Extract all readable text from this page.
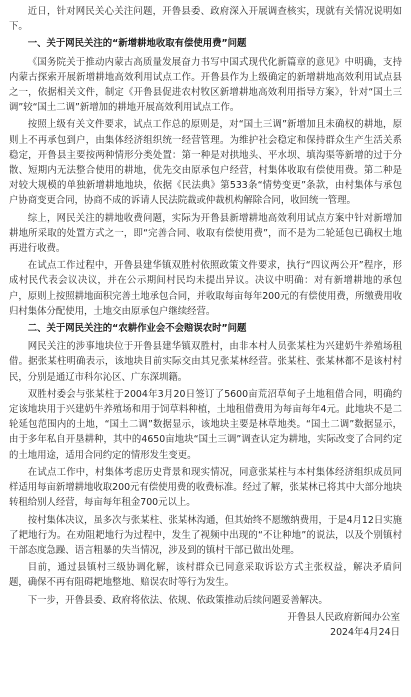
近日，针对网民关心关注问题，开鲁县委、政府深入开展调查核实，现就有关情况说明如下。

一、关于网民关注的“新增耕地收取有偿使用费”问题

《国务院关于推动内蒙古高质量发展奋力书写中国式现代化新篇章的意见》中明确，支持内蒙古探索开展新增耕地高效利用试点工作。开鲁县作为上级确定的新增耕地高效利用试点县之一，依据相关文件，制定《开鲁县促进农村牧区新增耕地高效利用指导方案》，针对“国土三调”较“国土二调”新增加的耕地开展高效利用试点工作。

按照上级有关文件要求，试点工作总的原则是，对“国土三调”新增加且未确权的耕地，原则上不再承包到户，由集体经济组织统一经营管理。为维护社会稳定和保持群众生产生活关系稳定，开鲁县主要按两种情形分类处置：第一种是对拱地头、平水坝、填沟渠等新增的过于分散、短期内无法整合使用的耕地，优先交由原承包户经营，村集体收取有偿使用费。第二种是对较大规模的单独新增耕地地块，依据《民法典》第533条“情势变更”条款，由村集体与承包户协商变更合同，协商不成的诉请人民法院裁或仲裁机构解除合同，收回统一管理。

综上，网民关注的耕地收费问题，实际为开鲁县新增耕地高效利用试点方案中针对新增加耕地所采取的处置方式之一，即“完善合同、收取有偿使用费”，而不是为二轮延包已确权土地再进行收费。

在试点工作过程中，开鲁县建华镇双胜村依照政策文件要求，执行“四议两公开”程序，形成村民代表会议决议，并在公示期间村民均未提出异议。决议中明确：对有新增耕地的承包户，原则上按照耕地面积完善土地承包合同，并收取每亩每年200元的有偿使用费，所缴费用收归村集体分配使用，土地交由原承包户继续经营。

二、关于网民关注的“农耕作业会不会赔误农时”问题

网民关注的涉事地块位于开鲁县建华镇双胜村，由非本村人员张某柱为兴建奶牛养殖场租借。据张某柱明确表示，该地块目前实际交由其兄张某林经营。张某柱、张某林都不是该村村民，分别是通辽市科尔沁区、广东深圳籍。

双胜村委会与张某柱于2004年3月20日签订了5600亩荒沼草甸子土地租借合同，明确约定该地块用于兴建奶牛养殖场和用于饲草料种植，土地租借费用为每亩每年4元。此地块不是二轮延包范围内的土地，“国土二调”数据显示，该地块主要是林草地类。“国土二调”数据显示，由于多年私自开垦耕种，其中的4650亩地块“国土三调”调查认定为耕地，实际改变了合同约定的土地用途，适用合同约定的情形发生变更。

在试点工作中，村集体考虑历史背景和现实情况，同意张某柱与本村集体经济组织成员同样适用每亩新增耕地收取200元有偿使用费的收费标准。经过了解，张某林已将其中大部分地块转租给别人经营，每亩每年租金700元以上。

按村集体决议，虽多次与张某柱、张某林沟通，但其始终不愿缴纳费用，于是4月12日实施了耙地行为。在劝阻耙地行为过程中，发生了视频中出现的“不让种地”的说法，以及个别镇村干部态度急躁、语言粗暴的失当情况，涉及到的镇村干部已做出处理。

目前，通过县镇村三级协调化解，该村群众已同意采取诉讼方式主张权益，解决矛盾问题，确保不再有阻碍耙地整地、赔误农时等行为发生。

下一步，开鲁县委、政府将依法、依规、依政策推动后续问题妥善解决。

开鲁县人民政府新闻办公室

2024年4月24日
